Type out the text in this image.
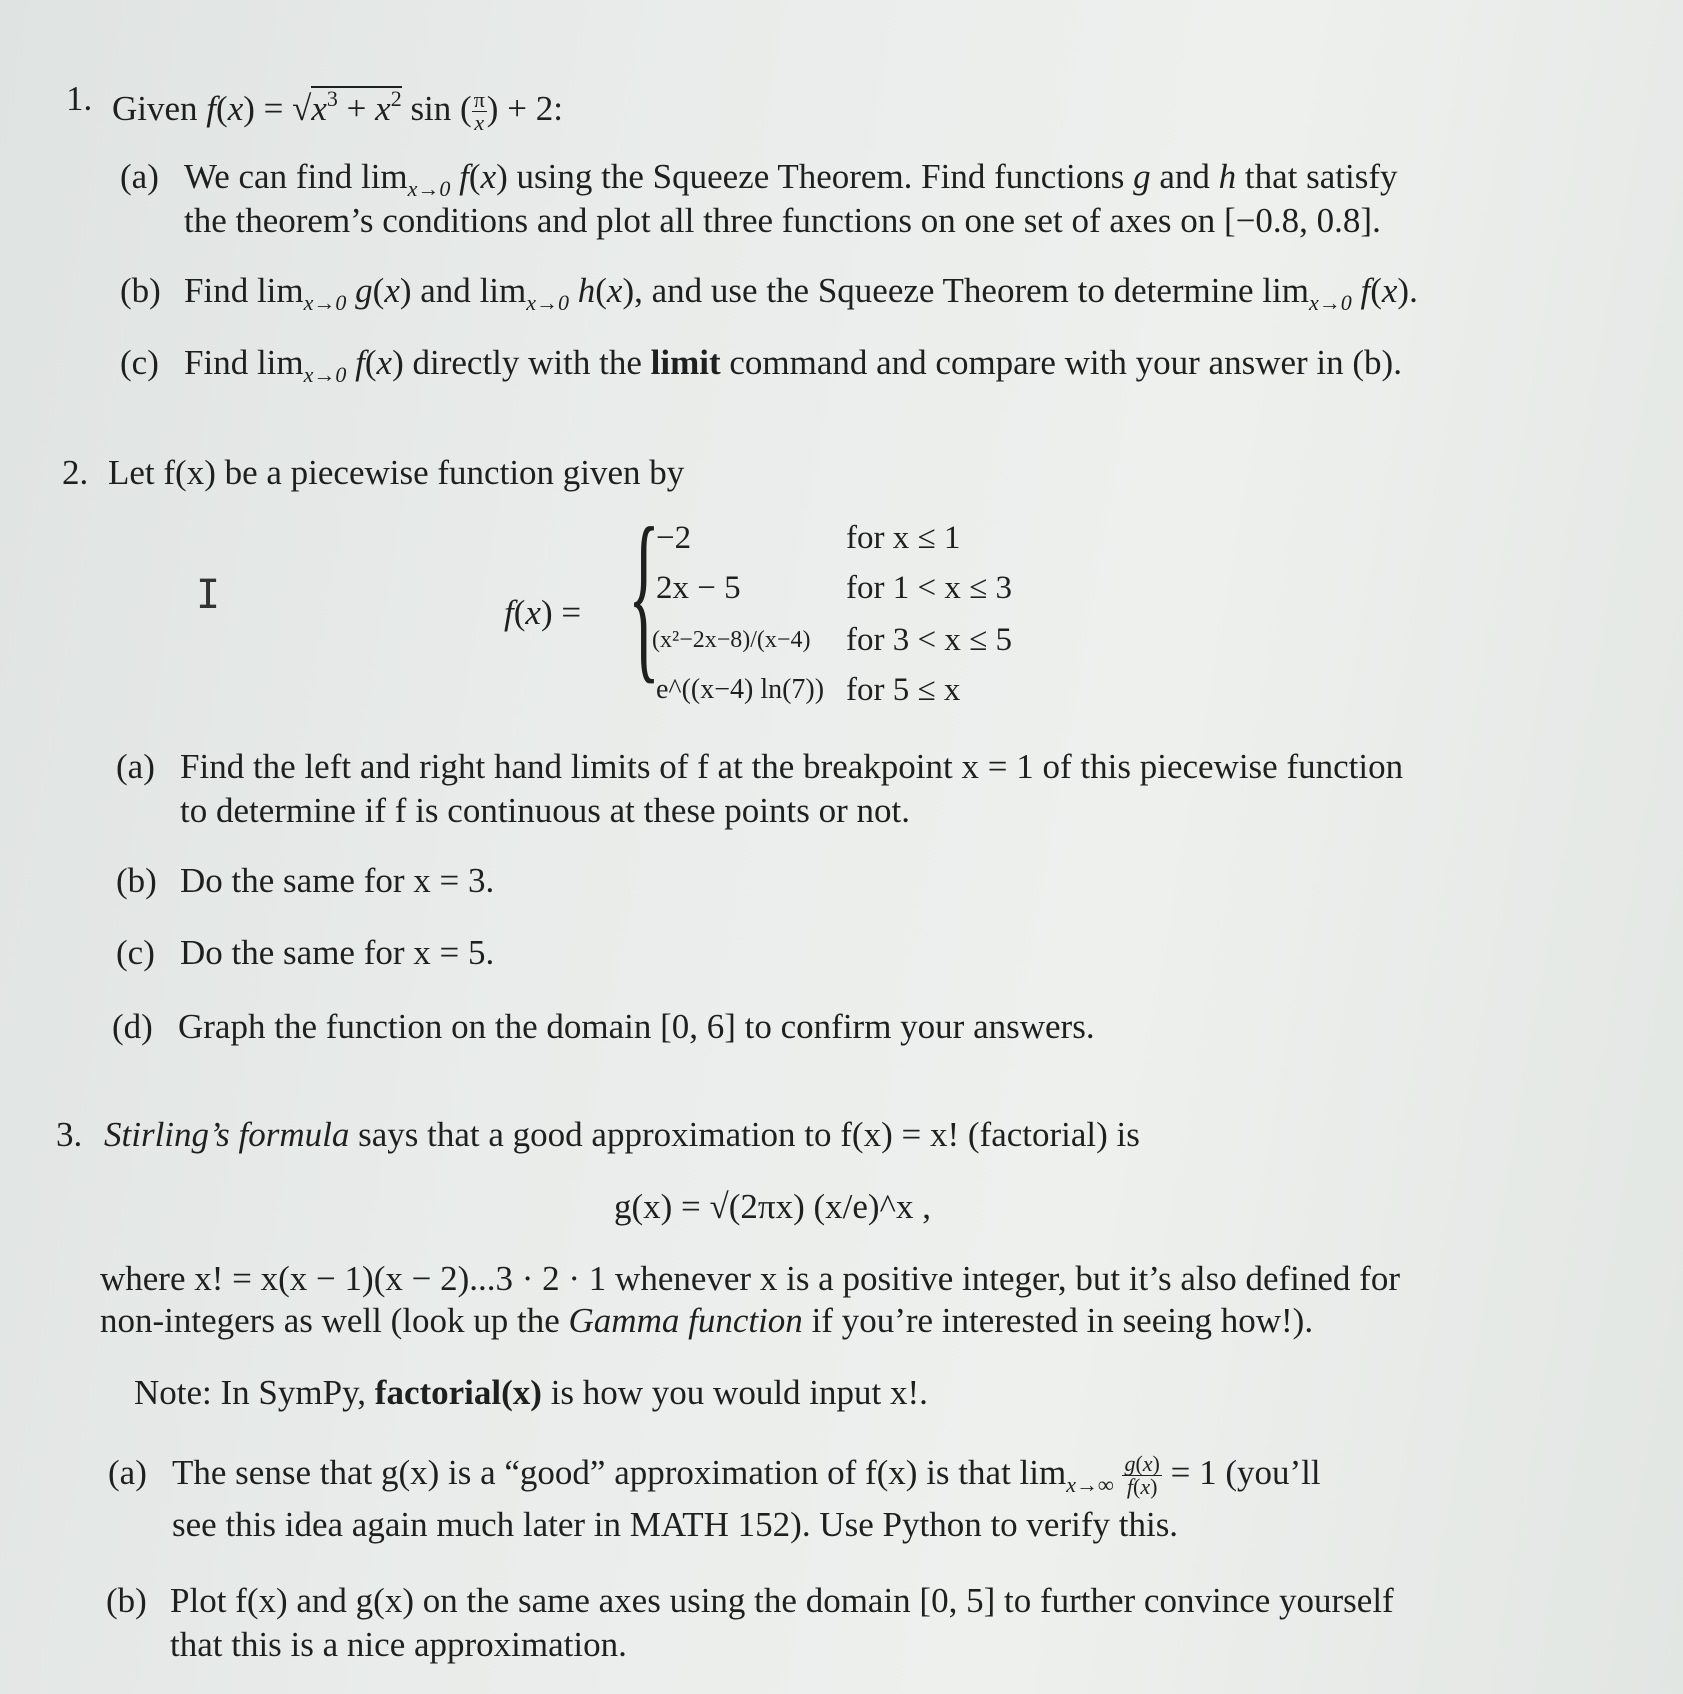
1. Given $f(x) = √x^3 + x^2$ sin ( $\frac{\pi}{x}$ ) + 2:
(a) We can find $\lim_{x\to 0} f(x)$ using the Squeeze Theorem. Find functions g and h that satisfy
the theorem’s conditions and plot all three functions on one set of axes on [−0.8, 0.8].
(b) Find $\lim_{x\to 0} g(x)$ and $\lim_{x\to 0} h(x)$, and use the Squeeze Theorem to determine $\lim_{x\to 0} f(x)$.
(c) Find $\lim_{x\to 0} f(x)$ directly with the limit command and compare with your answer in (b).
2. Let f(x) be a piecewise function given by
I	f(x) = {
−2	for x ≤ 1
2x − 5	for 1 < x ≤ 3
(x²−2x−8)/(x−4) for 3 < x ≤ 5
e^((x−4) ln(7)) for 5 ≤ x
(a) Find the left and right hand limits of f at the breakpoint x = 1 of this piecewise function
to determine if f is continuous at these points or not.
(b) Do the same for x = 3.
(c) Do the same for x = 5.
(d) Graph the function on the domain [0, 6] to confirm your answers.
3. Stirling’s formula says that a good approximation to f(x) = x! (factorial) is
g(x) = √(2πx) (x/e)^x ,
where x! = x(x − 1)(x − 2)...3 · 2 · 1 whenever x is a positive integer, but it’s also defined for
non-integers as well (look up the Gamma function if you’re interested in seeing how!).
Note: In SymPy, factorial(x) is how you would input x!.
(a) The sense that g(x) is a “good” approximation of f(x) is that $\lim_{x\to\infty} \frac{g(x)}{f(x)} = 1$ (you’ll
see this idea again much later in MATH 152). Use Python to verify this.
(b) Plot f(x) and g(x) on the same axes using the domain [0, 5] to further convince yourself
that this is a nice approximation.
